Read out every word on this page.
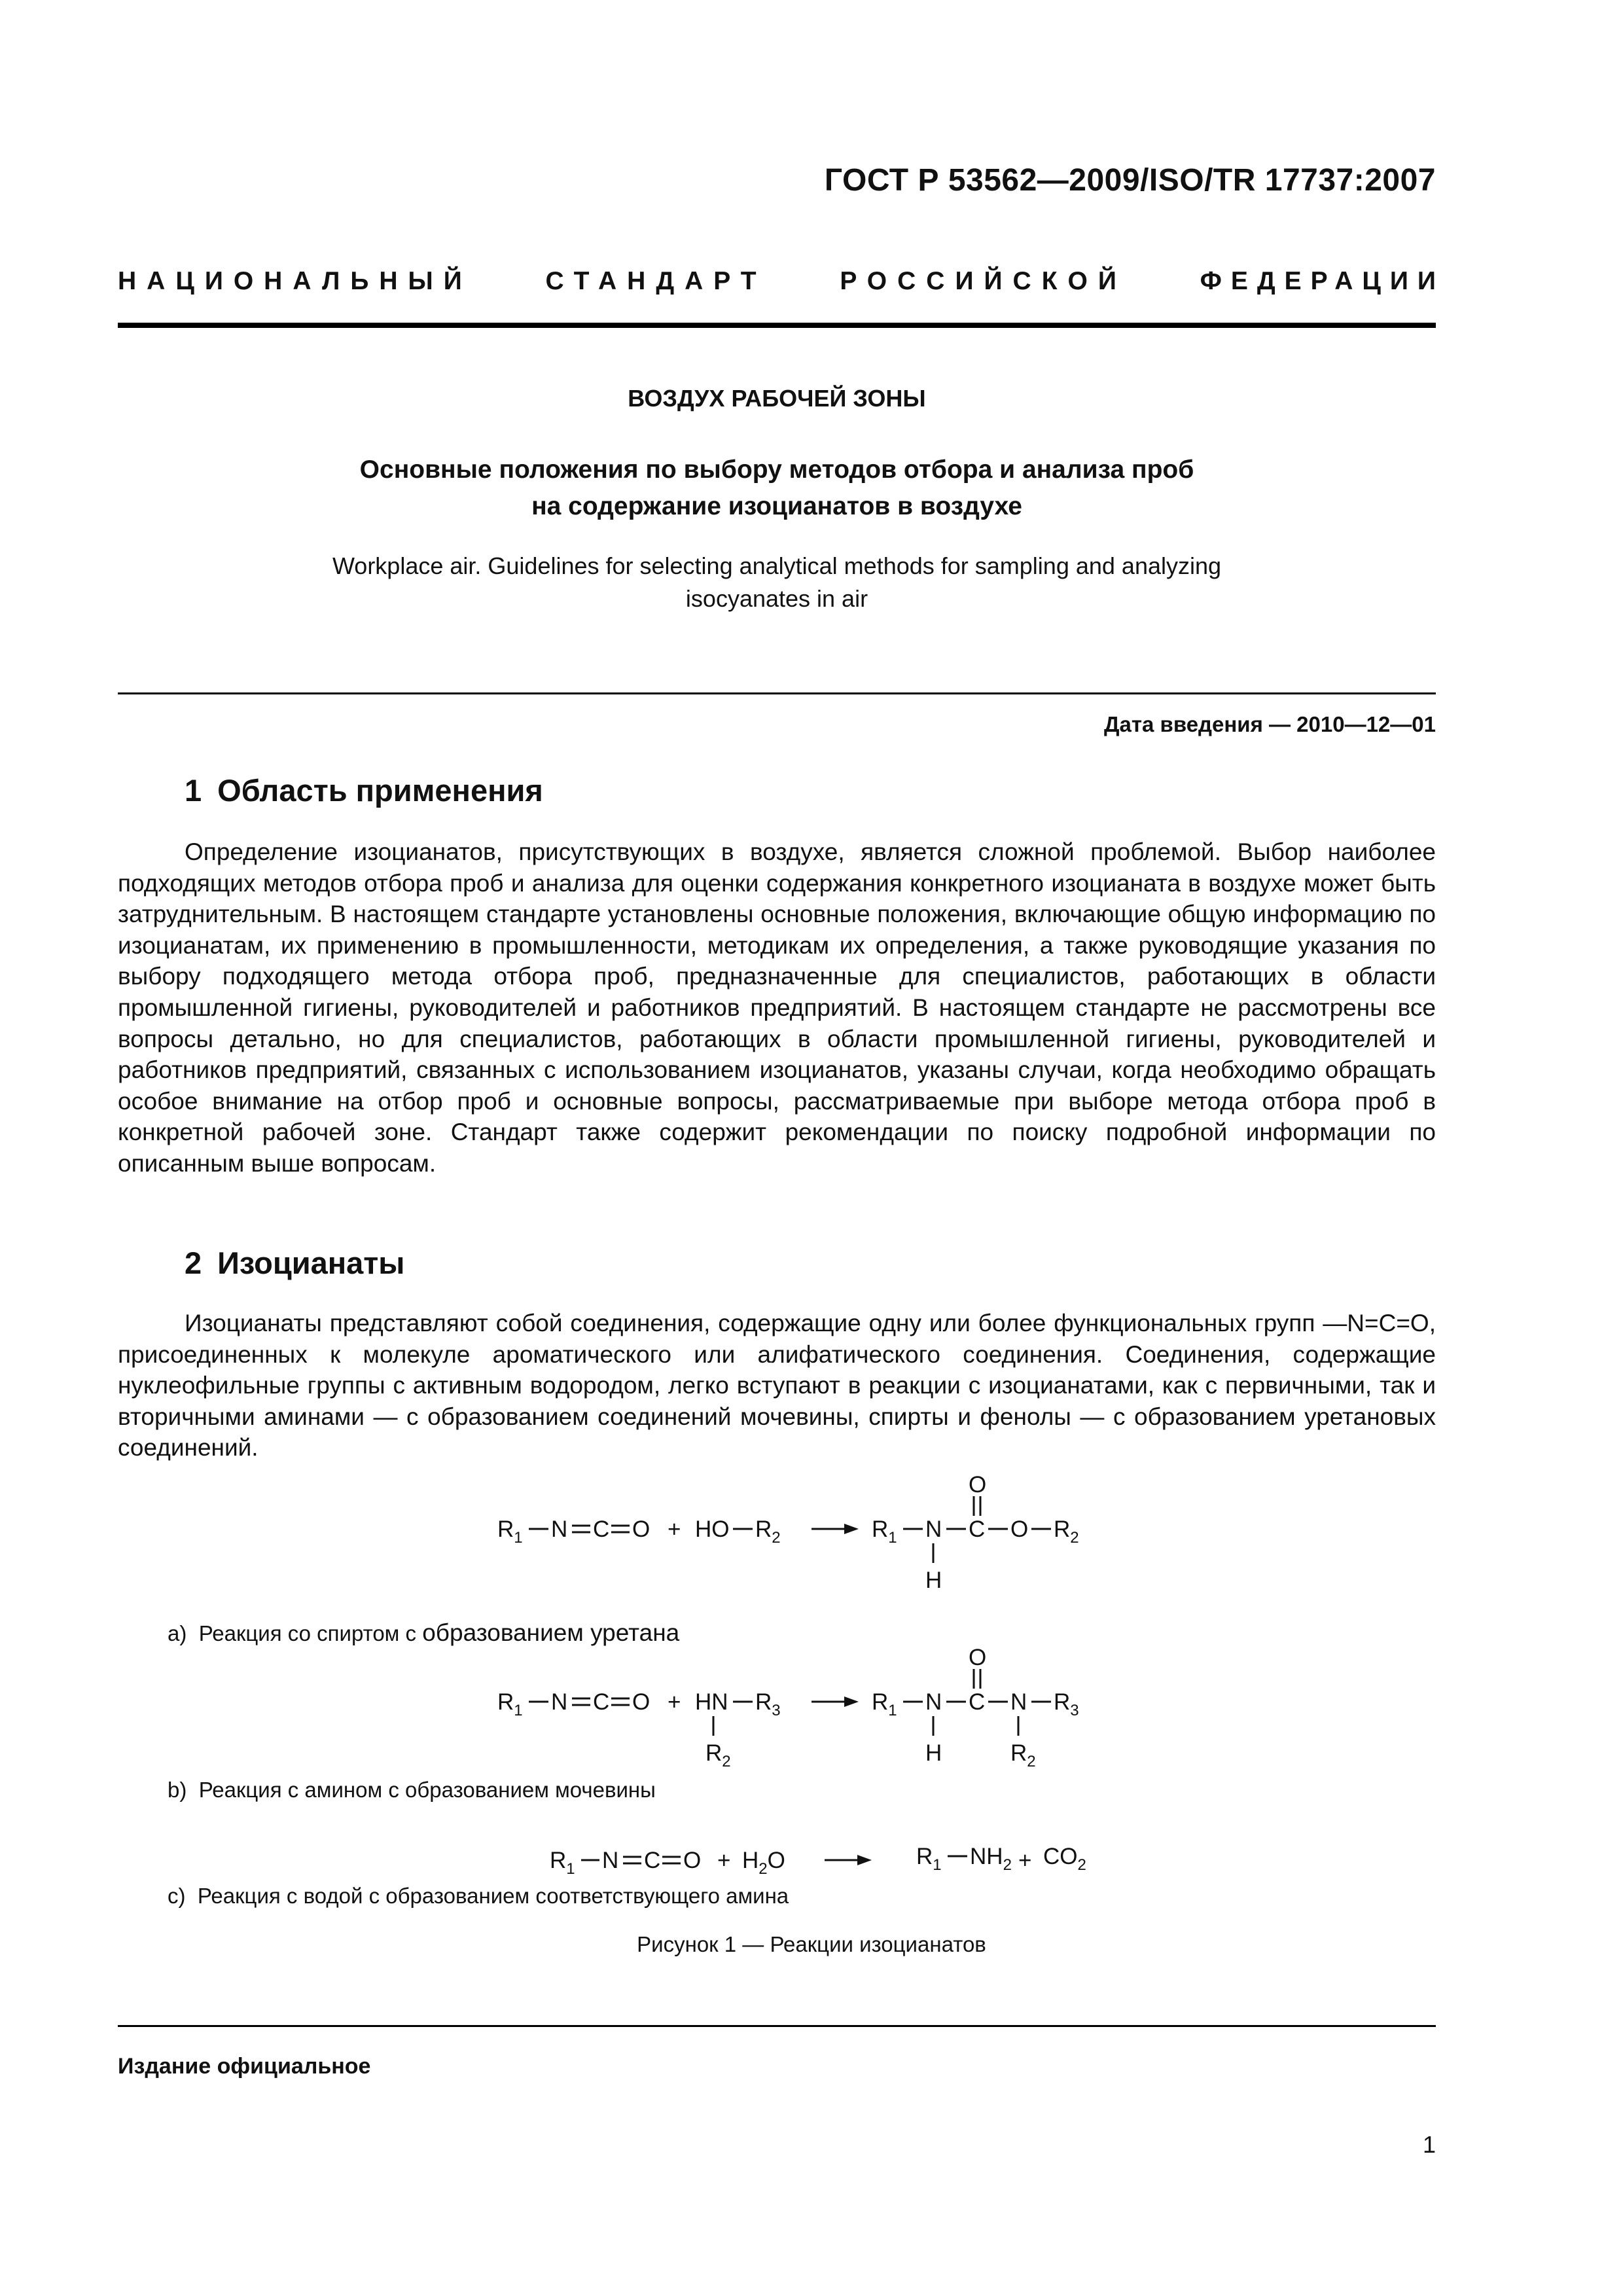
ГОСТ Р 53562—2009/ISO/TR 17737:2007
НАЦИОНАЛЬНЫЙ	СТАНДАРТ	РОССИЙСКОЙ	ФЕДЕРАЦИИ
ВОЗДУХ РАБОЧЕЙ ЗОНЫ
Основные положения по выбору методов отбора и анализа проб
на содержание изоцианатов в воздухе
Workplace air. Guidelines for selecting analytical methods for sampling and analyzing
isocyanates in air
Дата введения — 2010—12—01
1 Область применения

Определение изоцианатов, присутствующих в воздухе, является сложной проблемой. Выбор наиболее подходящих методов отбора проб и анализа для оценки содержания конкретного изоцианата в воздухе может быть затруднительным. В настоящем стандарте установлены основные положения, включающие общую информацию по изоцианатам, их применению в промышленности, методикам их определения, а также руководящие указания по выбору подходящего метода отбора проб, предназначенные для специалистов, работающих в области промышленной гигиены, руководителей и работников предприятий. В настоящем стандарте не рассмотрены все вопросы детально, но для специалистов, работающих в области промышленной гигиены, руководителей и работников предприятий, связанных с использованием изоцианатов, указаны случаи, когда необходимо обращать особое внимание на отбор проб и основные вопросы, рассматриваемые при выборе метода отбора проб в конкретной рабочей зоне. Стандарт также содержит рекомендации по поиску подробной информации по описанным выше вопросам.

2 Изоцианаты

Изоцианаты представляют собой соединения, содержащие одну или более функциональных групп —N=C=O, присоединенных к молекуле ароматического или алифатического соединения. Соединения, содержащие нуклеофильные группы с активным водородом, легко вступают в реакции с изоцианатами, как с первичными, так и вторичными аминами — с образованием соединений мочевины, спирты и фенолы — с образованием уретановых соединений.

$R_1$ N C O + HO $R_2$	$R_1$ N
H
C
O
O $R_2$
a) Реакция со спиртом с образованием уретана
$R_1$ N C O + HN
$R_2$
$R_3$	$R_1$ N
H
C
O
N
$R_2$
$R_3$
b) Реакция с амином с образованием мочевины
$R_1$ N C $O + H_2O$	$R_1$ $NH_2 + CO_2$
c) Реакция с водой с образованием соответствующего амина
Рисунок 1 — Реакции изоцианатов
Издание официальное
1
